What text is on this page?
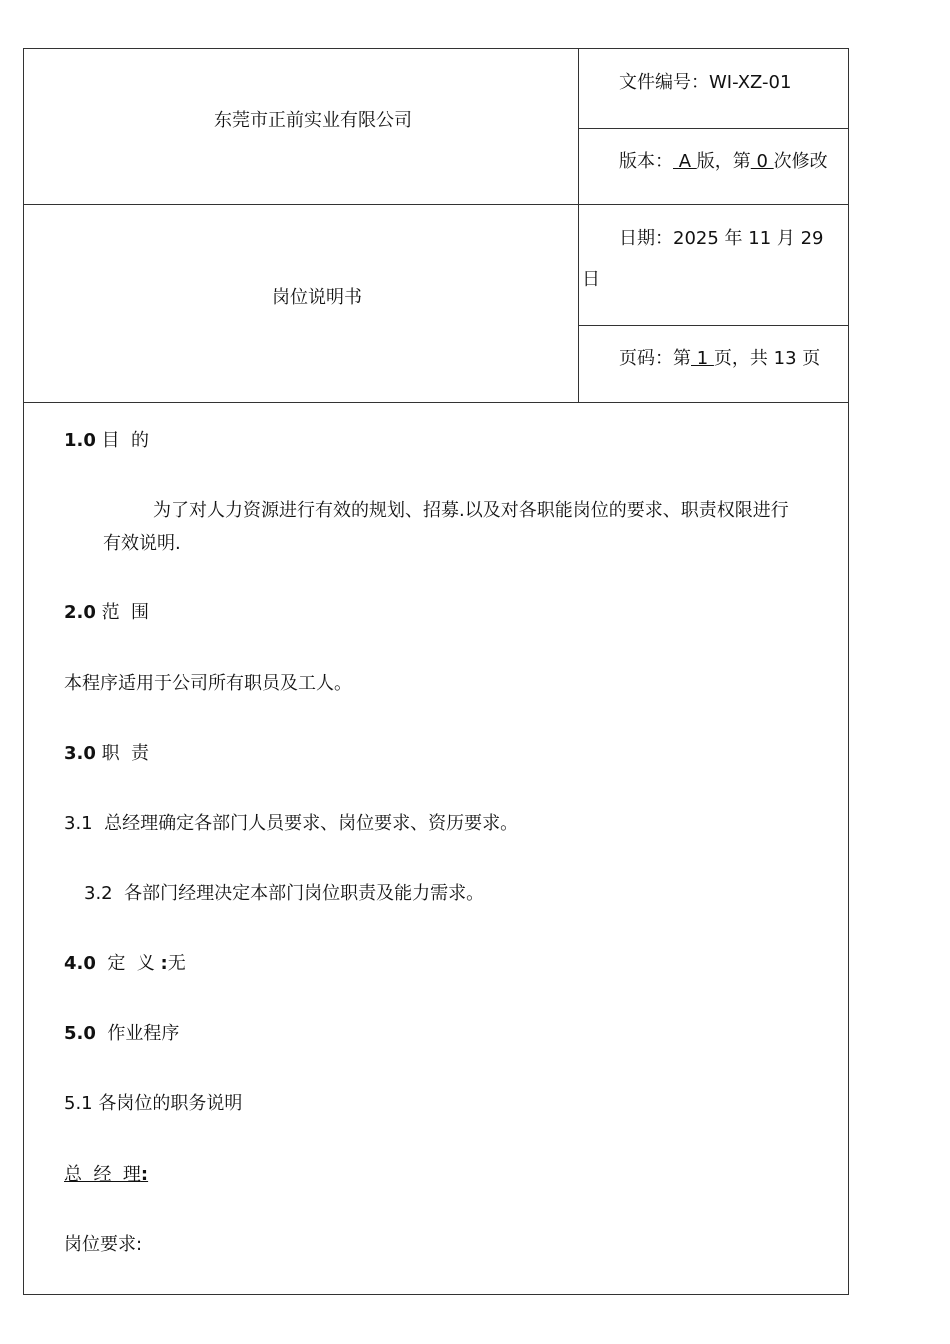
东莞市正前实业有限公司
岗位说明书
文件编号：WI-XZ-01
版本： A 版，第 0 次修改
日期：2025 年 11 月 29
日
页码：第 1 页，共 13 页
1.0 目  的
为了对人力资源进行有效的规划、招募.以及对各职能岗位的要求、职责权限进行
有效说明.
2.0 范  围
本程序适用于公司所有职员及工人。
3.0 职  责
3.1  总经理确定各部门人员要求、岗位要求、资历要求。
3.2  各部门经理决定本部门岗位职责及能力需求。
4.0  定  义 :无
5.0  作业程序
5.1 各岗位的职务说明
总  经  理:
岗位要求:
